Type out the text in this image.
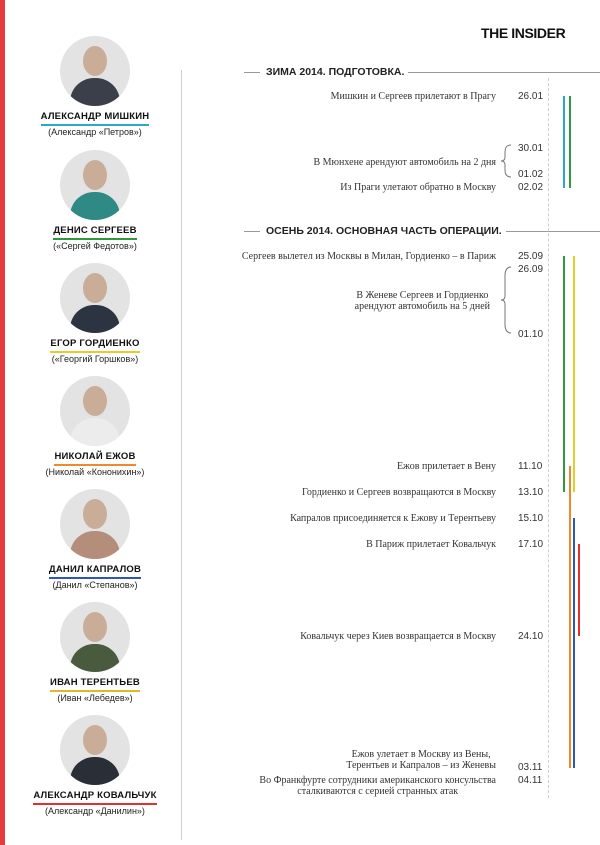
THE INSIDER
АЛЕКСАНДР МИШКИН
(Александр «Петров»)
ДЕНИС СЕРГЕЕВ
(«Сергей Федотов»)
ЕГОР ГОРДИЕНКО
(«Георгий Горшков»)
НИКОЛАЙ ЕЖОВ
(Николай «Кононихин»)
ДАНИЛ КАПРАЛОВ
(Данил «Степанов»)
ИВАН ТЕРЕНТЬЕВ
(Иван «Лебедев»)
АЛЕКСАНДР КОВАЛЬЧУК
(Александр «Данилин»)
ЗИМА 2014. ПОДГОТОВКА.
ОСЕНЬ 2014. ОСНОВНАЯ ЧАСТЬ ОПЕРАЦИИ.
Мишкин и Сергеев прилетают в Прагу
В Мюнхене арендуют автомобиль на 2 дня
Из Праги улетают обратно в Москву
Сергеев вылетел из Москвы в Милан, Гордиенко – в Париж
В Женеве Сергеев и Гордиенко
арендуют автомобиль на 5 дней
Ежов прилетает в Вену
Гордиенко и Сергеев возвращаются в Москву
Капралов присоединяется к Ежову и Терентьеву
В Париж прилетает Ковальчук
Ковальчук через Киев возвращается в Москву
Ежов улетает в Москву из Вены,
Терентьев и Капралов – из Женевы
Во Франкфурте сотрудники американского консульства
сталкиваются с серией странных атак
26.01
30.01
01.02
02.02
25.09
26.09
01.10
11.10
13.10
15.10
17.10
24.10
03.11
04.11
